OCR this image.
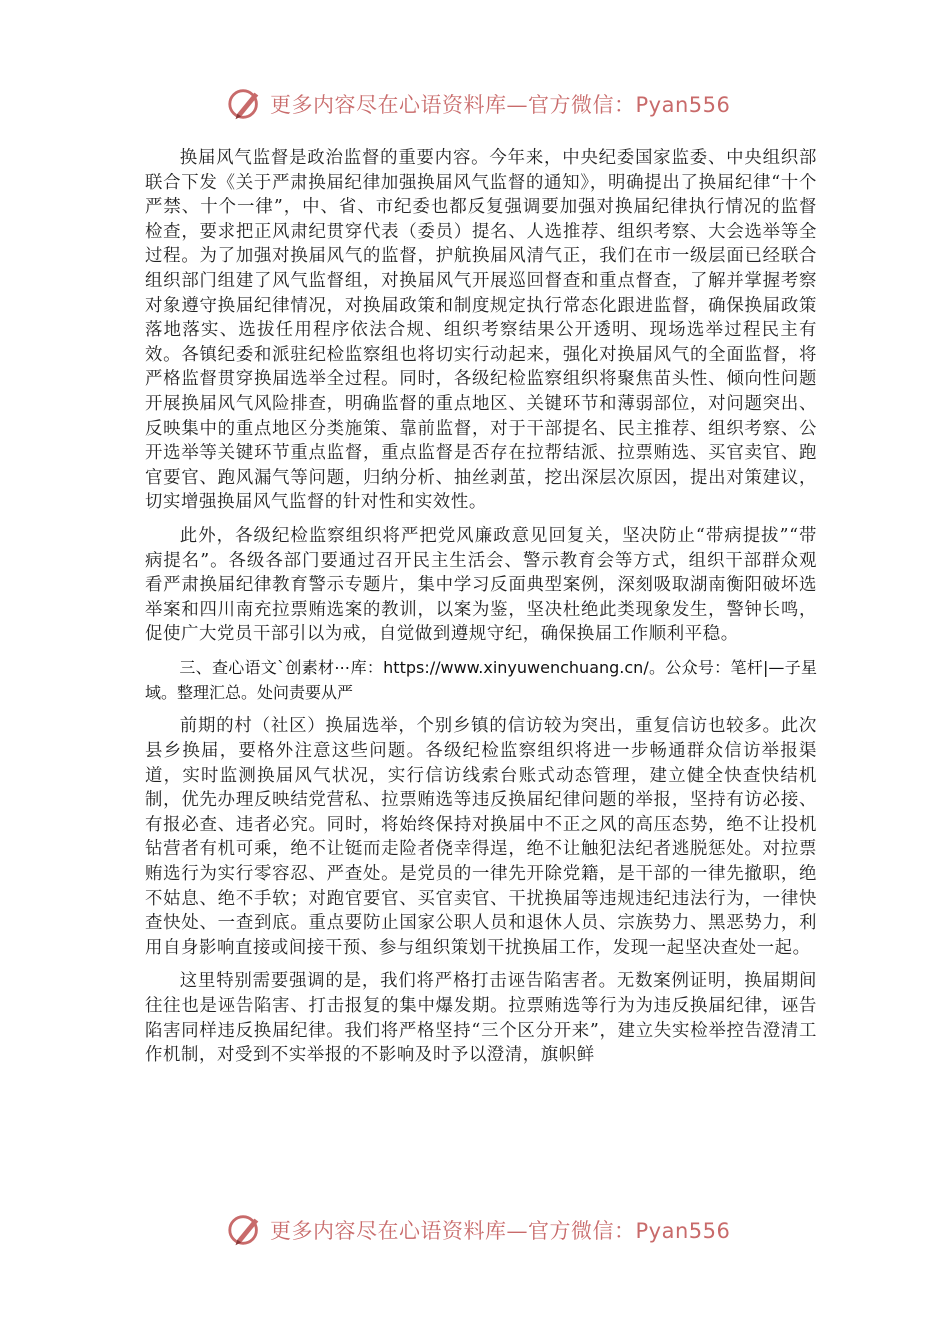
更多内容尽在心语资料库—官方微信：Pyan556

换届风气监督是政治监督的重要内容。今年来，中央纪委国家监委、中央组织部联合下发《关于严肃换届纪律加强换届风气监督的通知》，明确提出了换届纪律“十个严禁、十个一律”，中、省、市纪委也都反复强调要加强对换届纪律执行情况的监督检查，要求把正风肃纪贯穿代表（委员）提名、人选推荐、组织考察、大会选举等全过程。为了加强对换届风气的监督，护航换届风清气正，我们在市一级层面已经联合组织部门组建了风气监督组，对换届风气开展巡回督查和重点督查，了解并掌握考察对象遵守换届纪律情况，对换届政策和制度规定执行常态化跟进监督，确保换届政策落地落实、选拔任用程序依法合规、组织考察结果公开透明、现场选举过程民主有效。各镇纪委和派驻纪检监察组也将切实行动起来，强化对换届风气的全面监督，将严格监督贯穿换届选举全过程。同时，各级纪检监察组织将聚焦苗头性、倾向性问题开展换届风气风险排查，明确监督的重点地区、关键环节和薄弱部位，对问题突出、反映集中的重点地区分类施策、靠前监督，对于干部提名、民主推荐、组织考察、公开选举等关键环节重点监督，重点监督是否存在拉帮结派、拉票贿选、买官卖官、跑官要官、跑风漏气等问题，归纳分析、抽丝剥茧，挖出深层次原因，提出对策建议，切实增强换届风气监督的针对性和实效性。

此外，各级纪检监察组织将严把党风廉政意见回复关，坚决防止“带病提拔”“带病提名”。各级各部门要通过召开民主生活会、警示教育会等方式，组织干部群众观看严肃换届纪律教育警示专题片，集中学习反面典型案例，深刻吸取湖南衡阳破坏选举案和四川南充拉票贿选案的教训，以案为鉴，坚决杜绝此类现象发生，警钟长鸣，促使广大党员干部引以为戒，自觉做到遵规守纪，确保换届工作顺利平稳。

三、查心语文`创素材⋯库：https://www.xinyuwenchuang.cn/。公众号：笔杆|—子星域。整理汇总。处问责要从严

前期的村（社区）换届选举，个别乡镇的信访较为突出，重复信访也较多。此次县乡换届，要格外注意这些问题。各级纪检监察组织将进一步畅通群众信访举报渠道，实时监测换届风气状况，实行信访线索台账式动态管理，建立健全快查快结机制，优先办理反映结党营私、拉票贿选等违反换届纪律问题的举报，坚持有访必接、有报必查、违者必究。同时，将始终保持对换届中不正之风的高压态势，绝不让投机钻营者有机可乘，绝不让铤而走险者侥幸得逞，绝不让触犯法纪者逃脱惩处。对拉票贿选行为实行零容忍、严查处。是党员的一律先开除党籍，是干部的一律先撤职，绝不姑息、绝不手软；对跑官要官、买官卖官、干扰换届等违规违纪违法行为，一律快查快处、一查到底。重点要防止国家公职人员和退休人员、宗族势力、黑恶势力，利用自身影响直接或间接干预、参与组织策划干扰换届工作，发现一起坚决查处一起。

这里特别需要强调的是，我们将严格打击诬告陷害者。无数案例证明，换届期间往往也是诬告陷害、打击报复的集中爆发期。拉票贿选等行为为违反换届纪律，诬告陷害同样违反换届纪律。我们将严格坚持“三个区分开来”，建立失实检举控告澄清工作机制，对受到不实举报的不影响及时予以澄清，旗帜鲜

更多内容尽在心语资料库—官方微信：Pyan556
